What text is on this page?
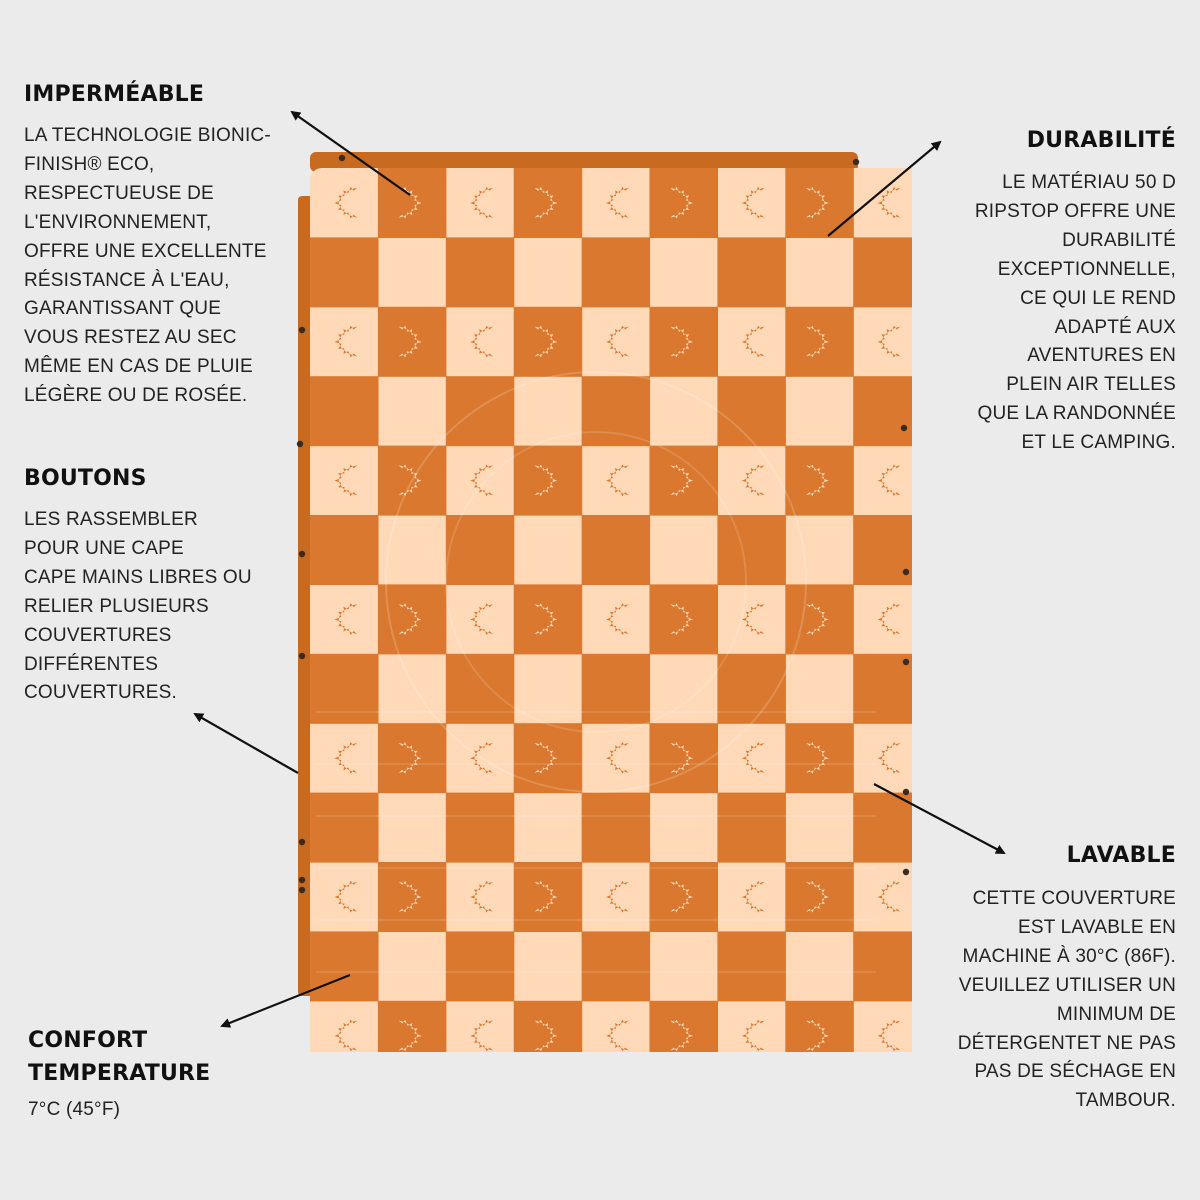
IMPERMÉABLE

LA TECHNOLOGIE BIONIC-
FINISH® ECO,
RESPECTUEUSE DE
L'ENVIRONNEMENT,
OFFRE UNE EXCELLENTE
RÉSISTANCE À L'EAU,
GARANTISSANT QUE
VOUS RESTEZ AU SEC
MÊME EN CAS DE PLUIE
LÉGÈRE OU DE ROSÉE.

BOUTONS

LES RASSEMBLER
POUR UNE CAPE
CAPE MAINS LIBRES OU
RELIER PLUSIEURS
COUVERTURES
DIFFÉRENTES
COUVERTURES.

CONFORT
TEMPERATURE

7°C (45°F)

DURABILITÉ

LE MATÉRIAU 50 D
RIPSTOP OFFRE UNE
DURABILITÉ
EXCEPTIONNELLE,
CE QUI LE REND
ADAPTÉ AUX
AVENTURES EN
PLEIN AIR TELLES
QUE LA RANDONNÉE
ET LE CAMPING.

LAVABLE

CETTE COUVERTURE
EST LAVABLE EN
MACHINE À 30°C (86F).
VEUILLEZ UTILISER UN
MINIMUM DE
DÉTERGENTET NE PAS
PAS DE SÉCHAGE EN
TAMBOUR.
